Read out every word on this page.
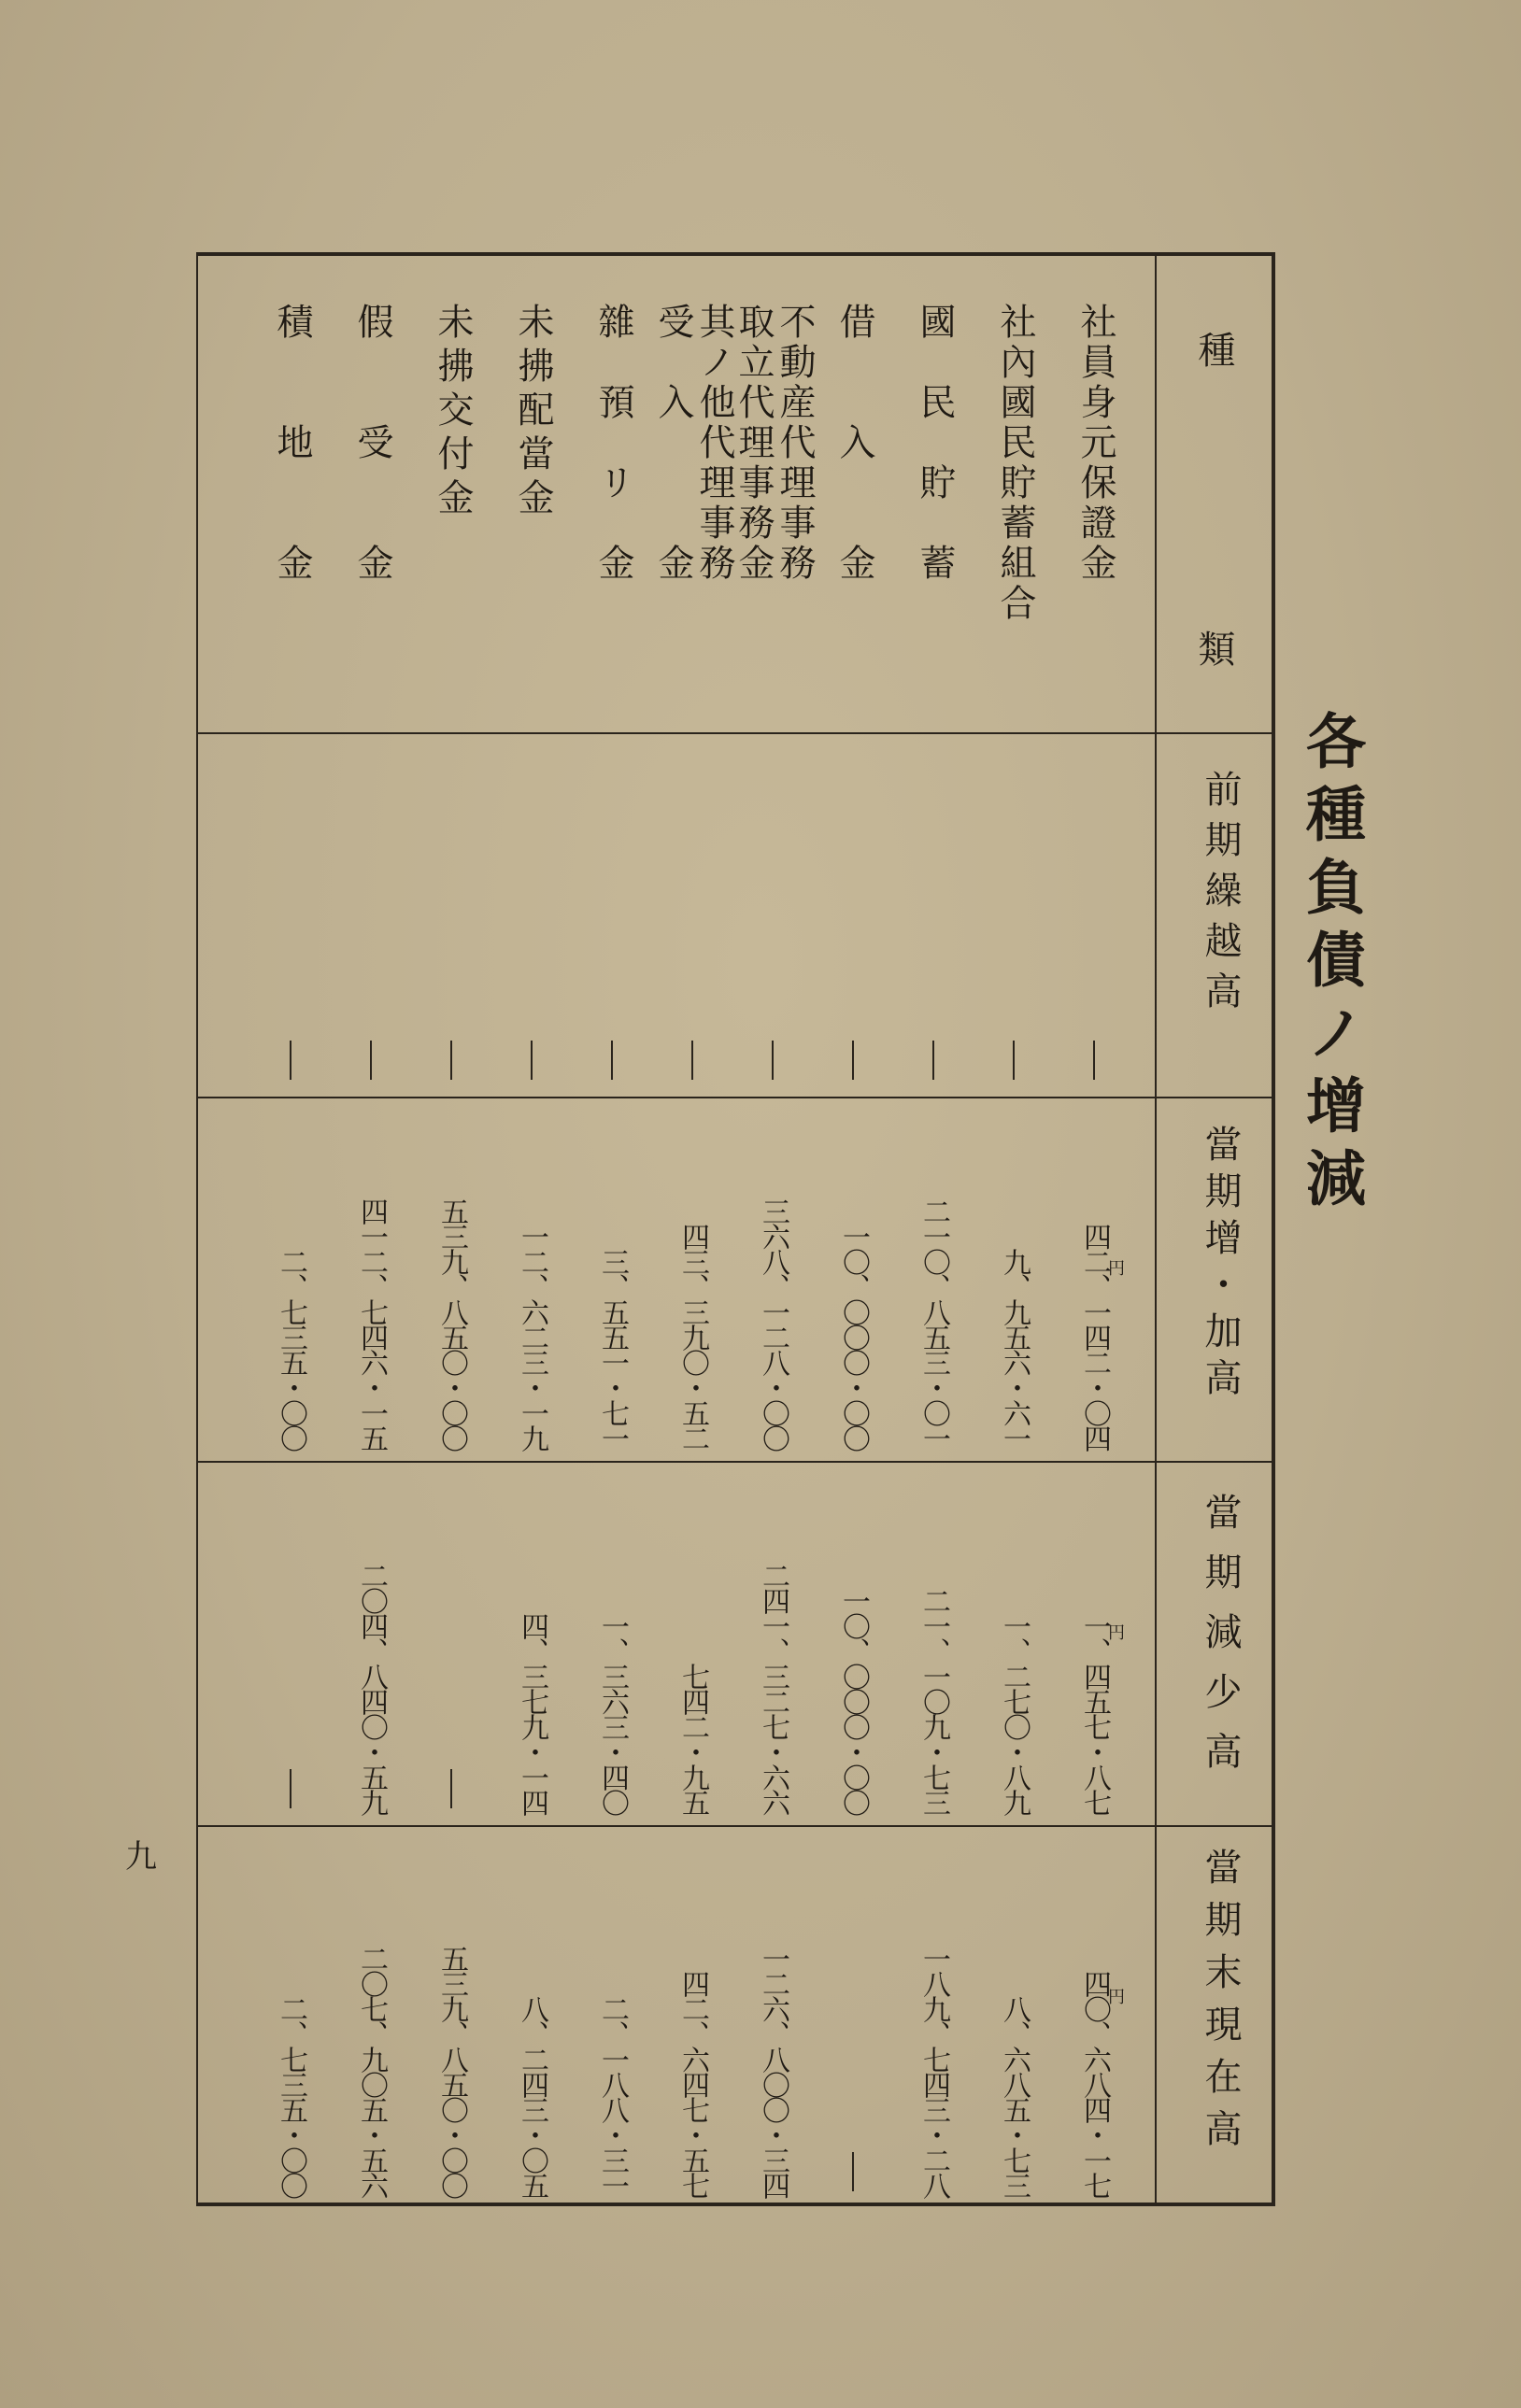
各種負債ノ增減
九
種
類
前期繰越高
當期增・加高
當期減少高
當期末現在高
社員身元保證金
四二、一四二・〇四
一、四五七・八七
四〇、六八四・一七
社內國民貯蓄組合
九、九五六・六一
一、二七〇・八九
八、六八五・七三
國　民　貯　蓄
二一〇、八五三・〇一
二一、一〇九・七三
一八九、七四三・二八
借　　入　　金
一〇、〇〇〇・〇〇
一〇、〇〇〇・〇〇
不動産代理事務
取立代理事務金
三六八、一二八・〇〇
二四一、三二七・六六
一二六、八〇〇・三四
其ノ他代理事務
受　入　　　金
四三、三九〇・五二
七四二・九五
四二、六四七・五七
雜　預　リ　金
三、五五一・七一
一、三六三・四〇
二、一八八・三一
未拂配當金
一二、六二三・一九
四、三七九・一四
八、二四三・〇五
未拂交付金
五三九、八五〇・〇〇
五三九、八五〇・〇〇
假　　受　　金
四一二、七四六・一五
二〇四、八四〇・五九
二〇七、九〇五・五六
積　　地　　金
二、七三五・〇〇
二、七三五・〇〇
円
円
円
